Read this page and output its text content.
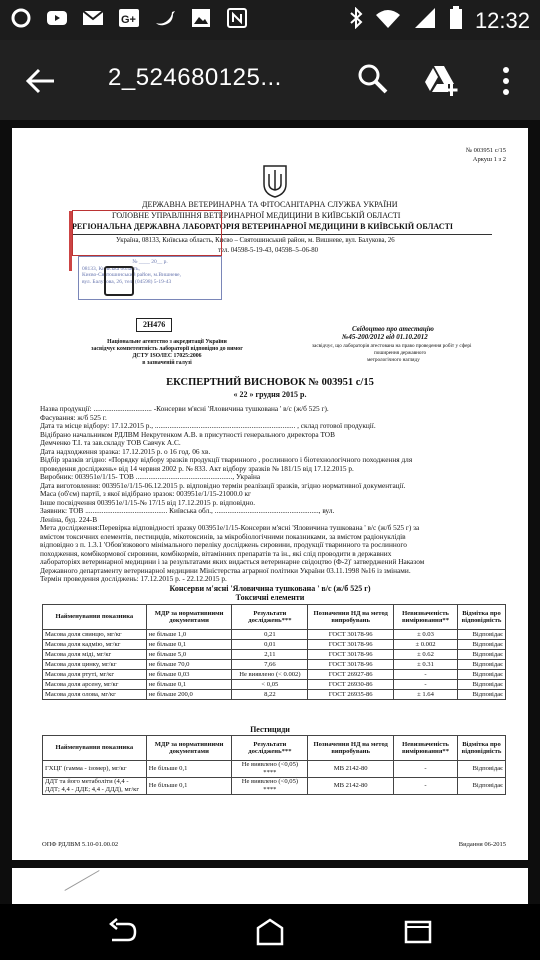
G+	12:32
2_524680125...
№ 003951 с/15
Аркуш 1 з 2
ДЕРЖАВНА ВЕТЕРИНАРНА ТА ФІТОСАНІТАРНА СЛУЖБА УКРАЇНИ
ГОЛОВНЕ УПРАВЛІННЯ ВЕТЕРИНАРНОЇ МЕДИЦИНИ В КИЇВСЬКІЙ ОБЛАСТІ
РЕГІОНАЛЬНА ДЕРЖАВНА ЛАБОРАТОРІЯ ВЕТЕРИНАРНОЇ МЕДИЦИНИ В КИЇВСЬКІЙ ОБЛАСТІ
Україна, 08133, Київська область, Києво – Святошинський район, м. Вишневе, вул. Балукова, 26
тел. 04598-5-19-43, 04598–5–06-80
№ ____ 20__ р.
08133, Київська область,
Києво-Святошинський район, м.Вишневе,
вул. Балукова, 26, тел. (04598) 5-19-43
2Н476
Національне агентство з акредитації України
засвідчує компетентність лабораторії відповідно до вимог
ДСТУ ISO/IEC 17025:2006
в зазначеній галузі
Свідоцтво про атестацію
№45-200/2012 від 01.10.2012
засвідчує, що лабораторія атестована на право проведення робіт у сфері
поширення державного
метрологічного нагляду
ЕКСПЕРТНИЙ ВИСНОВОК № 003951 с/15
« 22 » грудня 2015 р.
Назва продукції: ................................ -Консерви м'ясні 'Яловичина тушкована ' в/с (ж/б 525 г).
Фасування: ж/б 525 г.
Дата та місце відбору: 17.12.2015 р., ............................................................................. , склад готової продукції.
Відібрано начальником РДЛВМ Некрутенком А.В. в присутності генерального директора ТОВ
Демченко Т.І. та зав.складу ТОВ Савчук А.С.
Дата надходження зразка: 17.12.2015 р. о 16 год. 06 хв.
Відбір зразків згідно: «Порядку відбору зразків продукції тваринного , рослинного і біотехнологічного походження для
проведення досліджень» від 14 червня 2002 р. № 833. Акт відбору зразків № 181/15 від 17.12.2015 р.
Виробник: 003951е/1/15- ТОВ ....................................................., Україна
Дата виготовлення: 003951е/1/15-06.12.2015 р. відповідно термін реалізації зразків, згідно нормативної документації.
Маса (об'єм) партії, з якої відібрано зразок: 003951е/1/15-21000.0 кг
Інше посвідчення 003951е/1/15-№ 17/15 від 17.12.2015 р. відповідно.
Заявник: ТОВ ............................................. Київська обл., ........................................................., вул.
Леніна, буд. 224-В
Мета дослідження:Перевірка відповідності зразку 003951е/1/15-Консерви м'ясні 'Яловичина тушкована ' в/с (ж/б 525 г) за
вмістом токсичних елементів, пестицидів, мікотоксинів, за мікробіологічними показниками, за вмістом радіонуклідів
відповідно з п. 1.3.1 'Обов'язкового мінімального переліку досліджень сировини, продукції тваринного та рослинного
походження, комбікормової сировини, комбікормів, вітамінних препаратів та ін., які слід проводити в державних
лабораторіях ветеринарної медицини і за результатами яких видається ветеринарне свідоцтво (Ф-2)' затверджений Наказом
Державного департаменту ветеринарної медицини Міністерства аграрної політики України 03.11.1998 №16 із змінами.
Термін проведення досліджень: 17.12.2015 р. - 22.12.2015 р.
Консерви м'ясні 'Яловичина тушкована ' в/с (ж/б 525 г)
Токсичні елементи
Найменування показника	МДР за нормативними документами	Результати досліджень***	Позначення НД на метод випробувань	Невизначеність вимірювання**	Відмітка про відповідність
Масова доля свинцю, мг/кг	не більше 1,0	0,21	ГОСТ 30178-96	± 0.03	Відповідає
Масова доля кадмію, мг/кг	не більше 0,1	0,01	ГОСТ 30178-96	± 0.002	Відповідає
Масова доля міді, мг/кг	не більше 5,0	2,11	ГОСТ 30178-96	± 0.62	Відповідає
Масова доля цинку, мг/кг	не більше 70,0	7,66	ГОСТ 30178-96	± 0.31	Відповідає
Масова доля ртуті, мг/кг	не більше 0,03	Не виявлено (< 0.002)	ГОСТ 26927-86	-	Відповідає
Масова доля арсену, мг/кг	не більше 0,1	< 0,05	ГОСТ 26930-86	-	Відповідає
Масова доля олова, мг/кг	не більше 200,0	8,22	ГОСТ 26935-86	± 1.64	Відповідає
Пестициди
Найменування показника	МДР за нормативними документами	Результати досліджень***	Позначення НД на метод випробувань	Невизначеність вимірювання**	Відмітка про відповідність
ГХЦГ (гамма - ізомер), мг/кг	Не більше 0,1	Не виявлено (<0,05) ****	МВ 2142-80	-	Відповідає
ДДТ та його метаболіти (4,4 - ДДТ; 4,4 - ДДЕ; 4,4 - ДДД), мг/кг	Не більше 0,1	Не виявлено (<0,05) ****	МВ 2142-80	-	Відповідає
ОПФ РДЛВМ 5.10-01.00.02	Видання 06-2015
